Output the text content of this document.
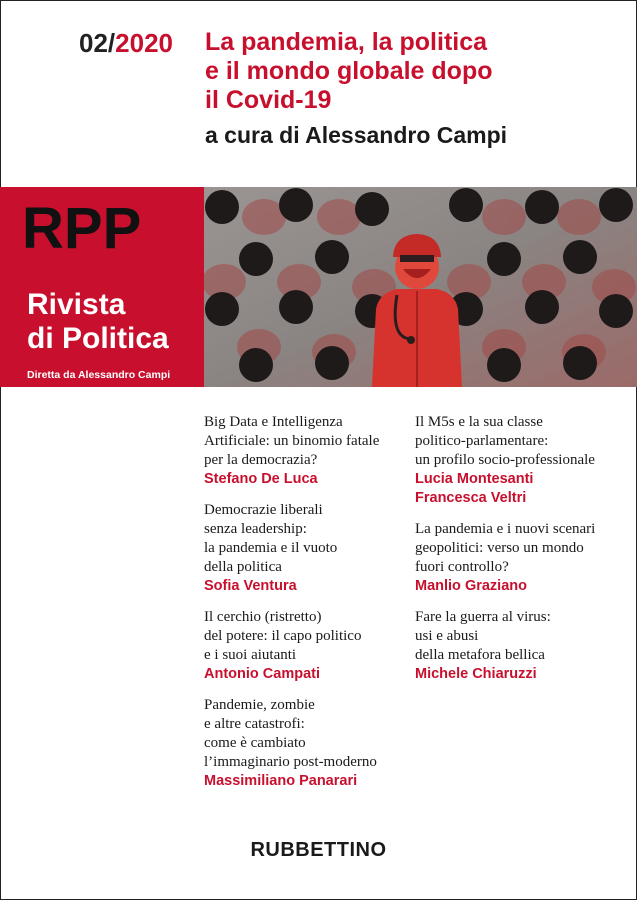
02/2020 La pandemia, la politica
e il mondo globale dopo
il Covid-19
a cura di Alessandro Campi
RPP
Rivista
di Politica
Diretta da Alessandro Campi
Big Data e Intelligenza
Artificiale: un binomio fatale
per la democrazia?
Stefano De Luca
Democrazie liberali
senza leadership:
la pandemia e il vuoto
della politica
Sofia Ventura
Il cerchio (ristretto)
del potere: il capo politico
e i suoi aiutanti
Antonio Campati
Pandemie, zombie
e altre catastrofi:
come è cambiato
l’immaginario post-moderno
Massimiliano Panarari
Il M5s e la sua classe
politico-parlamentare:
un profilo socio-professionale
Lucia Montesanti
Francesca Veltri
La pandemia e i nuovi scenari
geopolitici: verso un mondo
fuori controllo?
Manlio Graziano
Fare la guerra al virus:
usi e abusi
della metafora bellica
Michele Chiaruzzi
RUBBETTINO
